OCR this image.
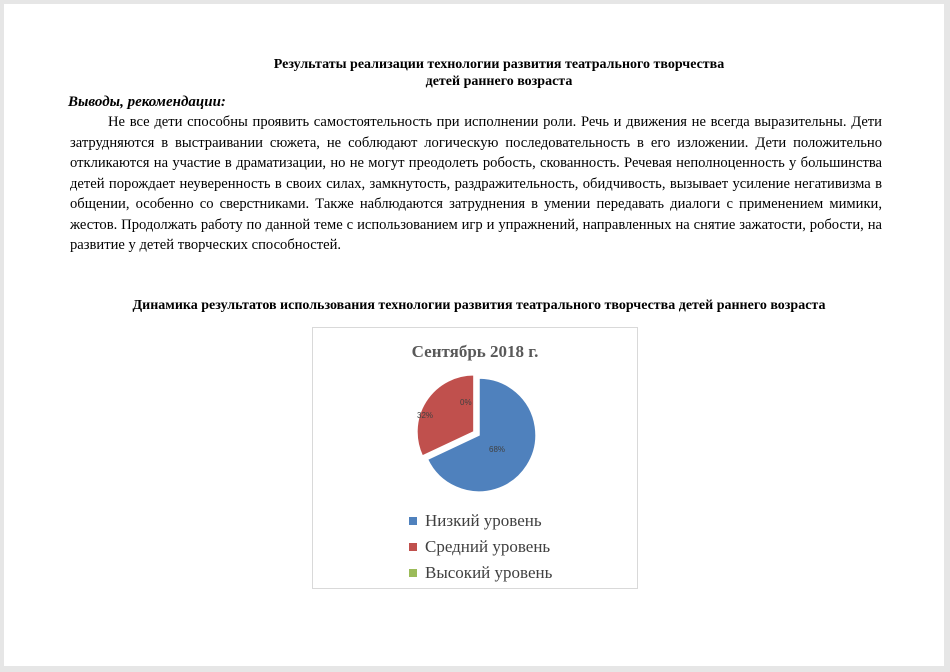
Результаты реализации технологии развития театрального творчества
детей раннего возраста
Выводы, рекомендации:

Не все дети способны проявить самостоятельность при исполнении роли. Речь и движения не всегда выразительны. Дети затрудняются в выстраивании сюжета, не соблюдают логическую последовательность в его изложении. Дети положительно откликаются на участие в драматизации, но не могут преодолеть робость, скованность. Речевая неполноценность у большинства детей порождает неуверенность в своих силах, замкнутость, раздражительность, обидчивость, вызывает усиление негативизма в общении, особенно со сверстниками. Также наблюдаются затруднения в умении передавать диалоги с применением мимики, жестов. Продолжать работу по данной теме с использованием игр и упражнений, направленных на снятие зажатости, робости, на развитие у детей творческих способностей.

Динамика результатов использования технологии развития театрального творчества детей раннего возраста
Сентябрь 2018 г.
68%
32%
0%
Низкий уровень
Средний уровень
Высокий уровень
